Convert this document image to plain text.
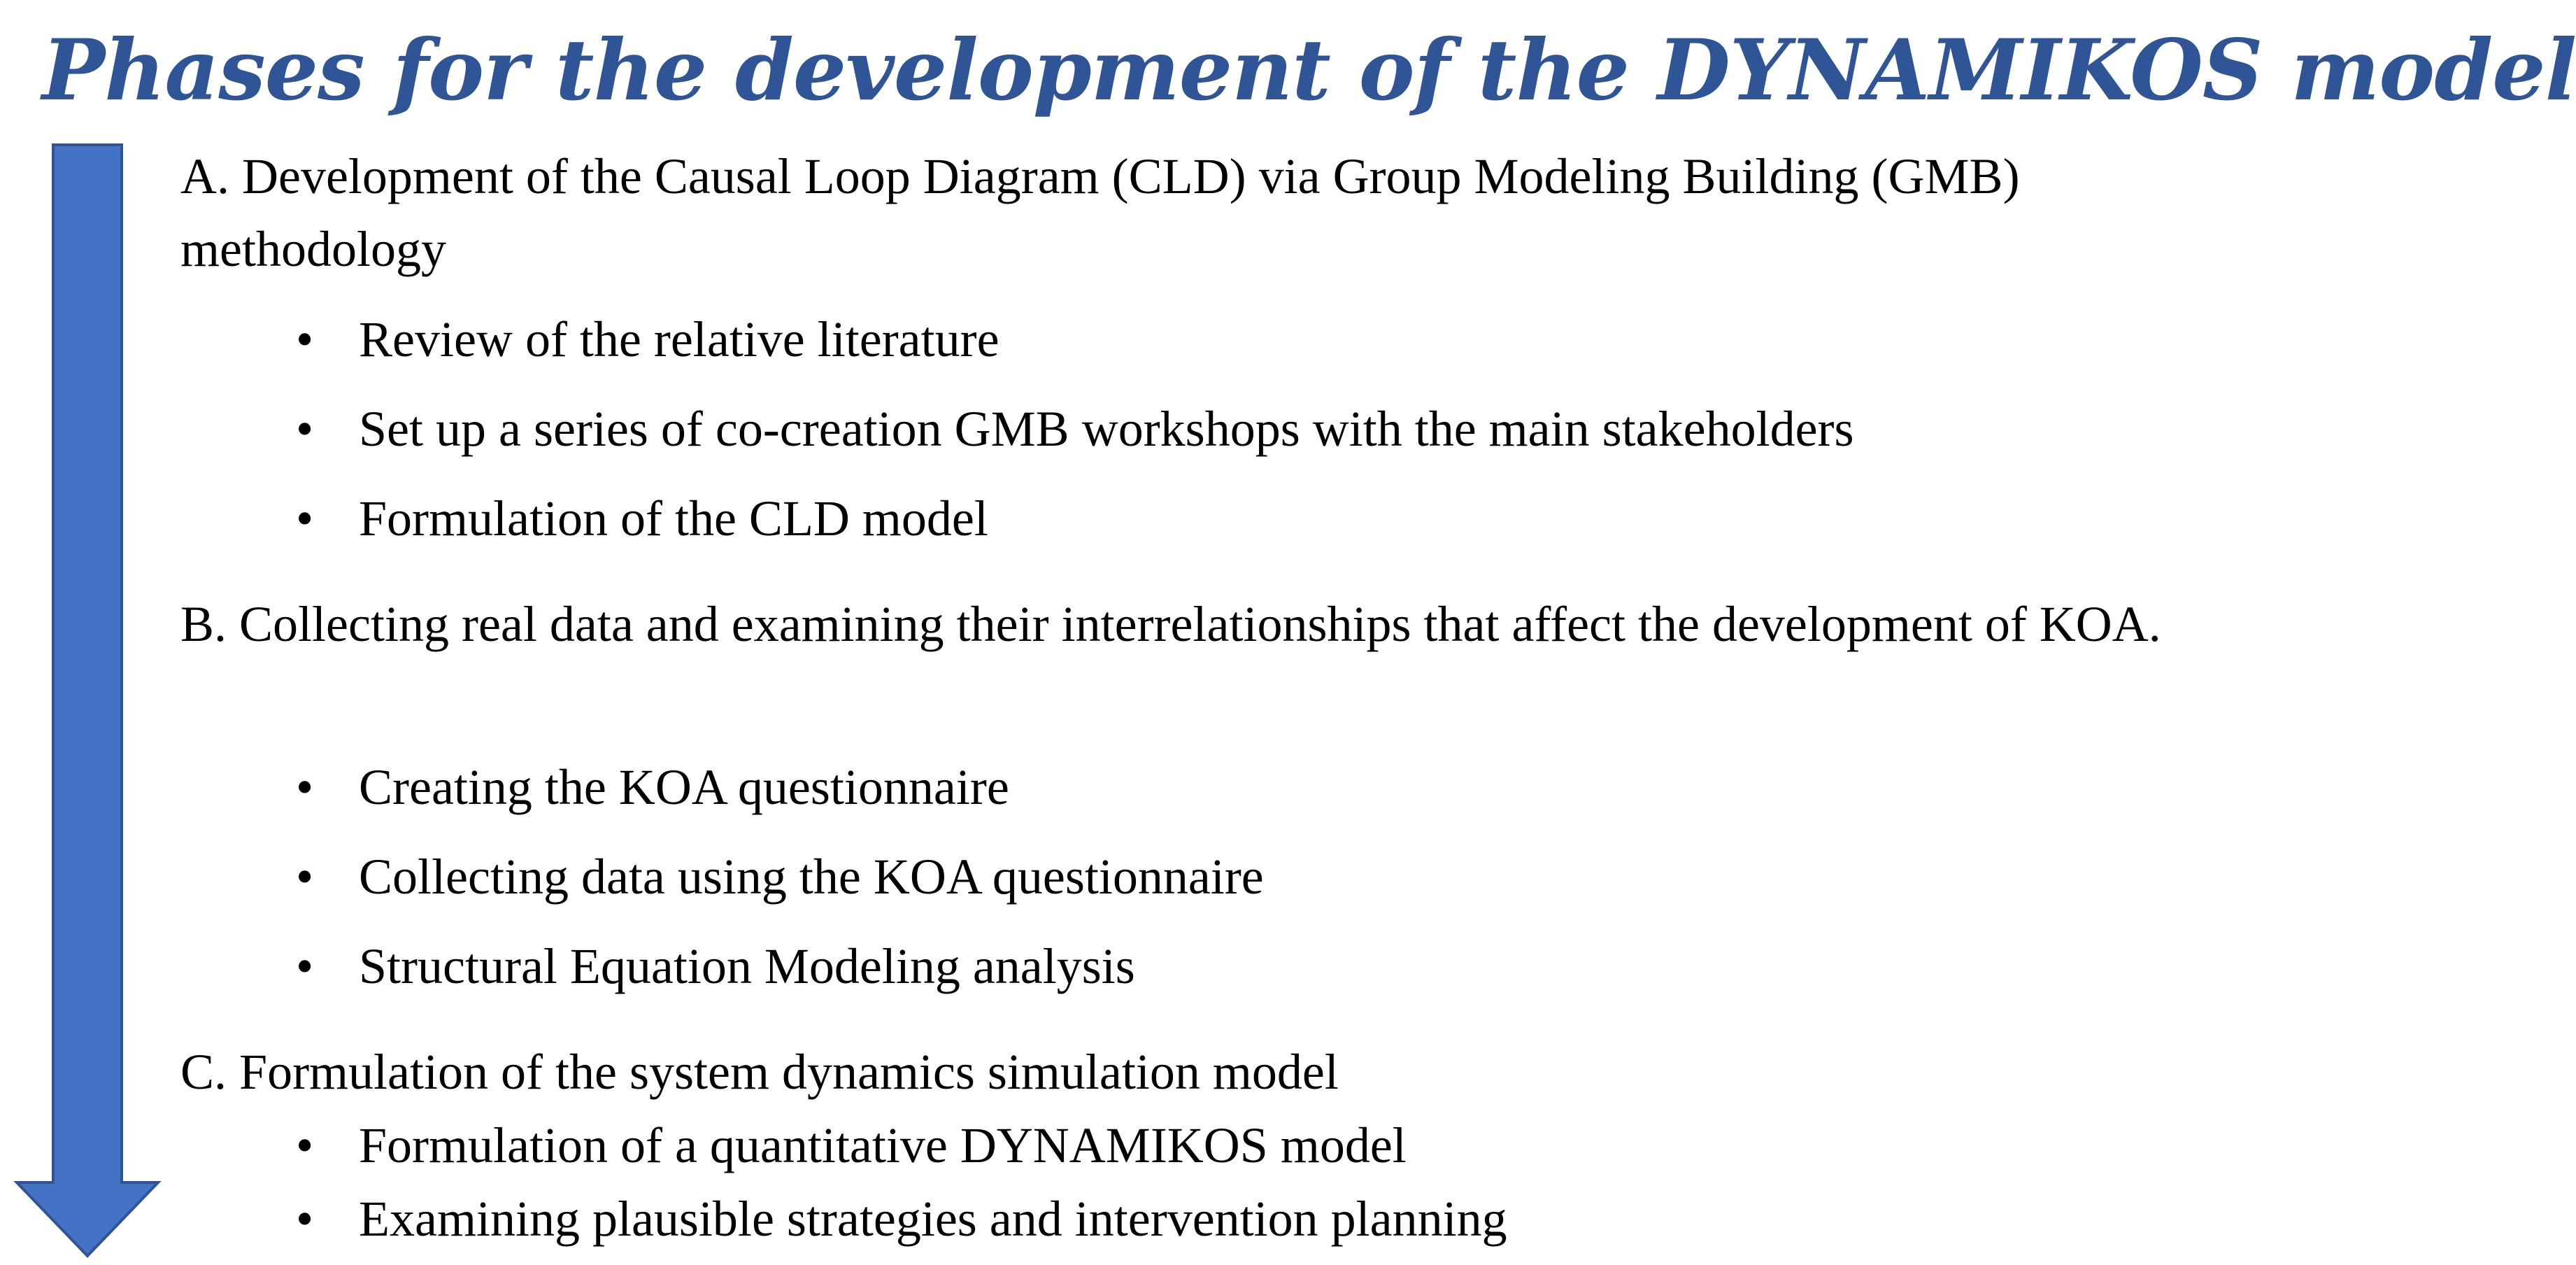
Phases for the development of the DYNAMIKOS model
A. Development of the Causal Loop Diagram (CLD) via Group Modeling Building (GMB) methodology
• Review of the relative literature
• Set up a series of co-creation GMB workshops with the main stakeholders
• Formulation of the CLD model
B. Collecting real data and examining their interrelationships that affect the development of KOA.
• Creating the KOA questionnaire
• Collecting data using the KOA questionnaire
• Structural Equation Modeling analysis
C. Formulation of the system dynamics simulation model
• Formulation of a quantitative DYNAMIKOS model
• Examining plausible strategies and intervention planning
